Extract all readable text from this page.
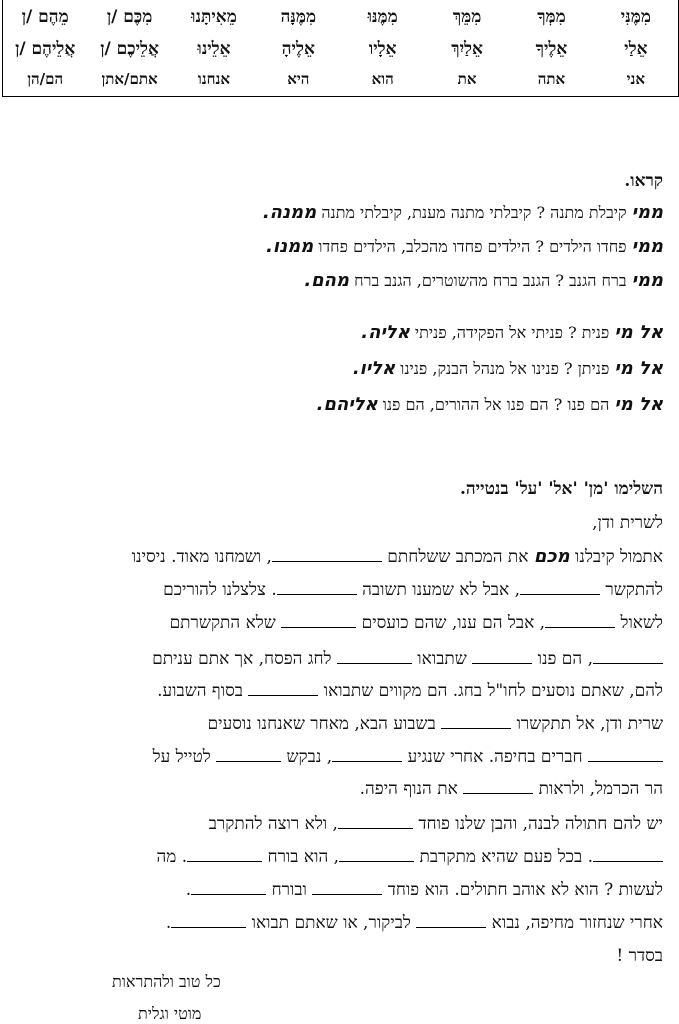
מִמֶּנִּי
מִמְּךָ
מִמֵּךְ
מִמֶּנּוּ
מִמֶּנָּה
מֵאִיתָּנוּ
מִכֶּם /ן
מֵהֶם /ן
אֵלַי
אֵלֶיךָ
אֵלַיִךְ
אֵלָיו
אֵלֶיהָ
אֵלֵינוּ
אֲלֵיכֶם /ן
אֲלֵיהֶם /ן
אני
אתה
את
הוא
היא
אנחנו
אתם/אתן
הם/הן
קראו.
ממי קיבלת מתנה ? קיבלתי מתנה מענת, קיבלתי מתנה ממנה.
ממי פחדו הילדים ? הילדים פחדו מהכלב, הילדים פחדו ממנו.
ממי ברח הגנב ? הגנב ברח מהשוטרים, הגנב ברח מהם.
אל מי פנית ? פניתי אל הפקידה, פניתי אליה.
אל מי פניתן ? פנינו אל מנהל הבנק, פנינו אליו.
אל מי הם פנו ? הם פנו אל ההורים, הם פנו אליהם.
השלימו 'מן' 'אל' 'על' בנטייה.
לשרית ודן,
אתמול קיבלנו מכם את המכתב ששלחתם , ושמחנו מאוד. ניסינו
להתקשר , אבל לא שמענו תשובה . צלצלנו להוריכם
לשאול , אבל הם ענו, שהם כועסים  שלא התקשרתם
, הם פנו  שתבואו  לחג הפסח, אך אתם עניתם
להם, שאתם נוסעים לחו"ל בחג. הם מקווים שתבואו  בסוף השבוע.
שרית ודן, אל תתקשרו  בשבוע הבא, מאחר שאנחנו נוסעים
חברים בחיפה. אחרי שנגיע , נבקש  לטייל על
הר הכרמל, ולראות  את הנוף היפה.
יש להם חתולה לבנה, והבן שלנו פוחד , ולא רוצה להתקרב
. בכל פעם שהיא מתקרבת , הוא בורח . מה
לעשות ? הוא לא אוהב חתולים. הוא פוחד  ובורח .
אחרי שנחזור מחיפה, נבוא  לביקור, או שאתם תבואו .
בסדר !
כל טוב ולהתראות
מוטי וגלית
